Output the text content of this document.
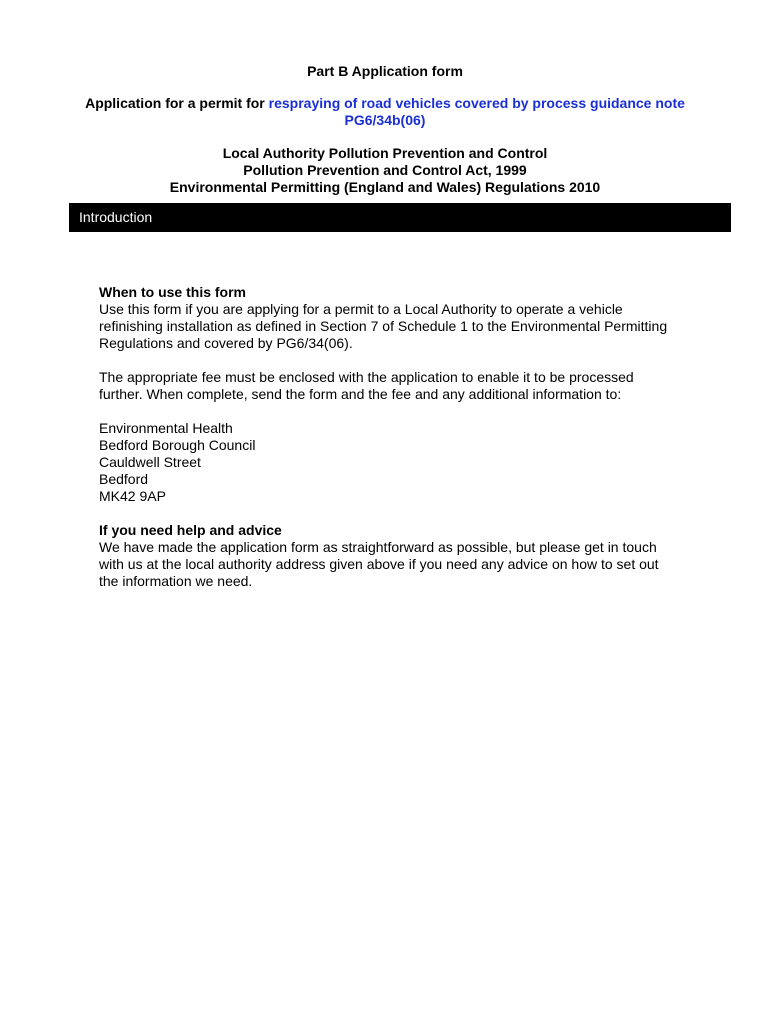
Part B Application form
Application for a permit for respraying of road vehicles covered by process guidance note PG6/34b(06)
Local Authority Pollution Prevention and Control
Pollution Prevention and Control Act, 1999
Environmental Permitting (England and Wales) Regulations 2010
Introduction

When to use this form

Use this form if you are applying for a permit to a Local Authority to operate a vehicle refinishing installation as defined in Section 7 of Schedule 1 to the Environmental Permitting Regulations and covered by PG6/34(06).

The appropriate fee must be enclosed with the application to enable it to be processed further. When complete, send the form and the fee and any additional information to:

Environmental Health

Bedford Borough Council

Cauldwell Street

Bedford

MK42 9AP

If you need help and advice

We have made the application form as straightforward as possible, but please get in touch with us at the local authority address given above if you need any advice on how to set out the information we need.
